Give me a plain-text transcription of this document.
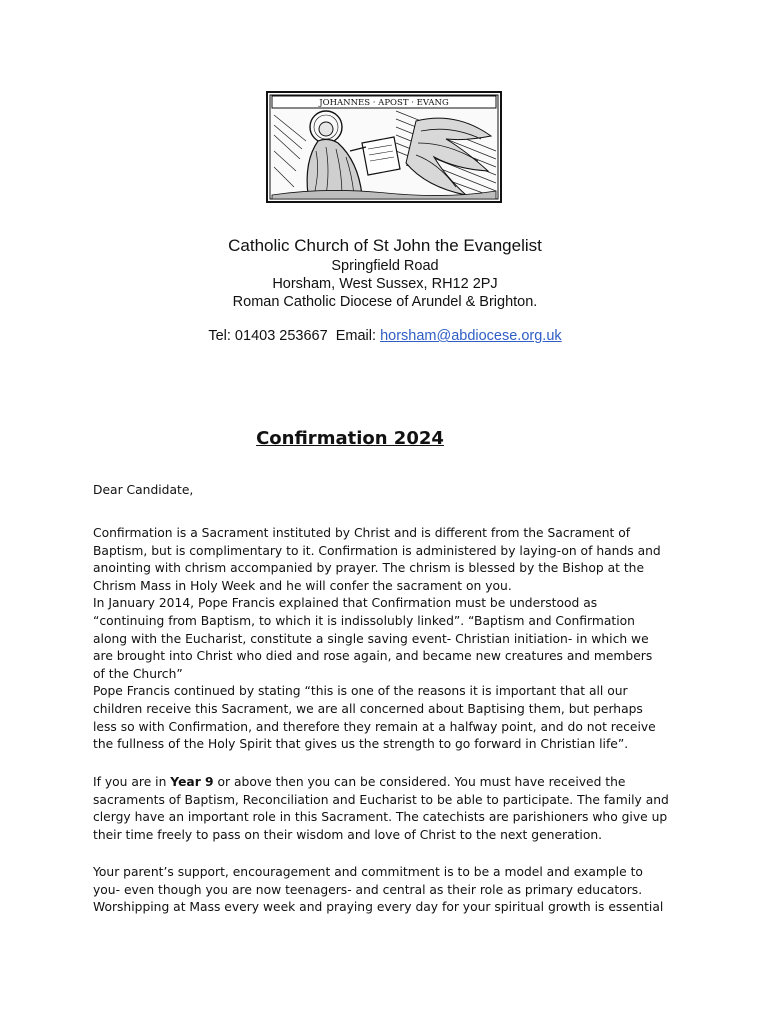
JOHANNES · APOST · EVANG
Catholic Church of St John the Evangelist
Springfield Road
Horsham, West Sussex, RH12 2PJ
Roman Catholic Diocese of Arundel & Brighton.
Tel: 01403 253667 Email: horsham@abdiocese.org.uk
Confirmation 2024
Dear Candidate,

Confirmation is a Sacrament instituted by Christ and is different from the Sacrament of

Baptism, but is complimentary to it. Confirmation is administered by laying-on of hands and

anointing with chrism accompanied by prayer. The chrism is blessed by the Bishop at the

Chrism Mass in Holy Week and he will confer the sacrament on you.

In January 2014, Pope Francis explained that Confirmation must be understood as

“continuing from Baptism, to which it is indissolubly linked”. “Baptism and Confirmation

along with the Eucharist, constitute a single saving event- Christian initiation- in which we

are brought into Christ who died and rose again, and became new creatures and members

of the Church”

Pope Francis continued by stating “this is one of the reasons it is important that all our

children receive this Sacrament, we are all concerned about Baptising them, but perhaps

less so with Confirmation, and therefore they remain at a halfway point, and do not receive

the fullness of the Holy Spirit that gives us the strength to go forward in Christian life”.

If you are in Year 9 or above then you can be considered. You must have received the

sacraments of Baptism, Reconciliation and Eucharist to be able to participate. The family and

clergy have an important role in this Sacrament. The catechists are parishioners who give up

their time freely to pass on their wisdom and love of Christ to the next generation.

Your parent’s support, encouragement and commitment is to be a model and example to

you- even though you are now teenagers- and central as their role as primary educators.

Worshipping at Mass every week and praying every day for your spiritual growth is essential
